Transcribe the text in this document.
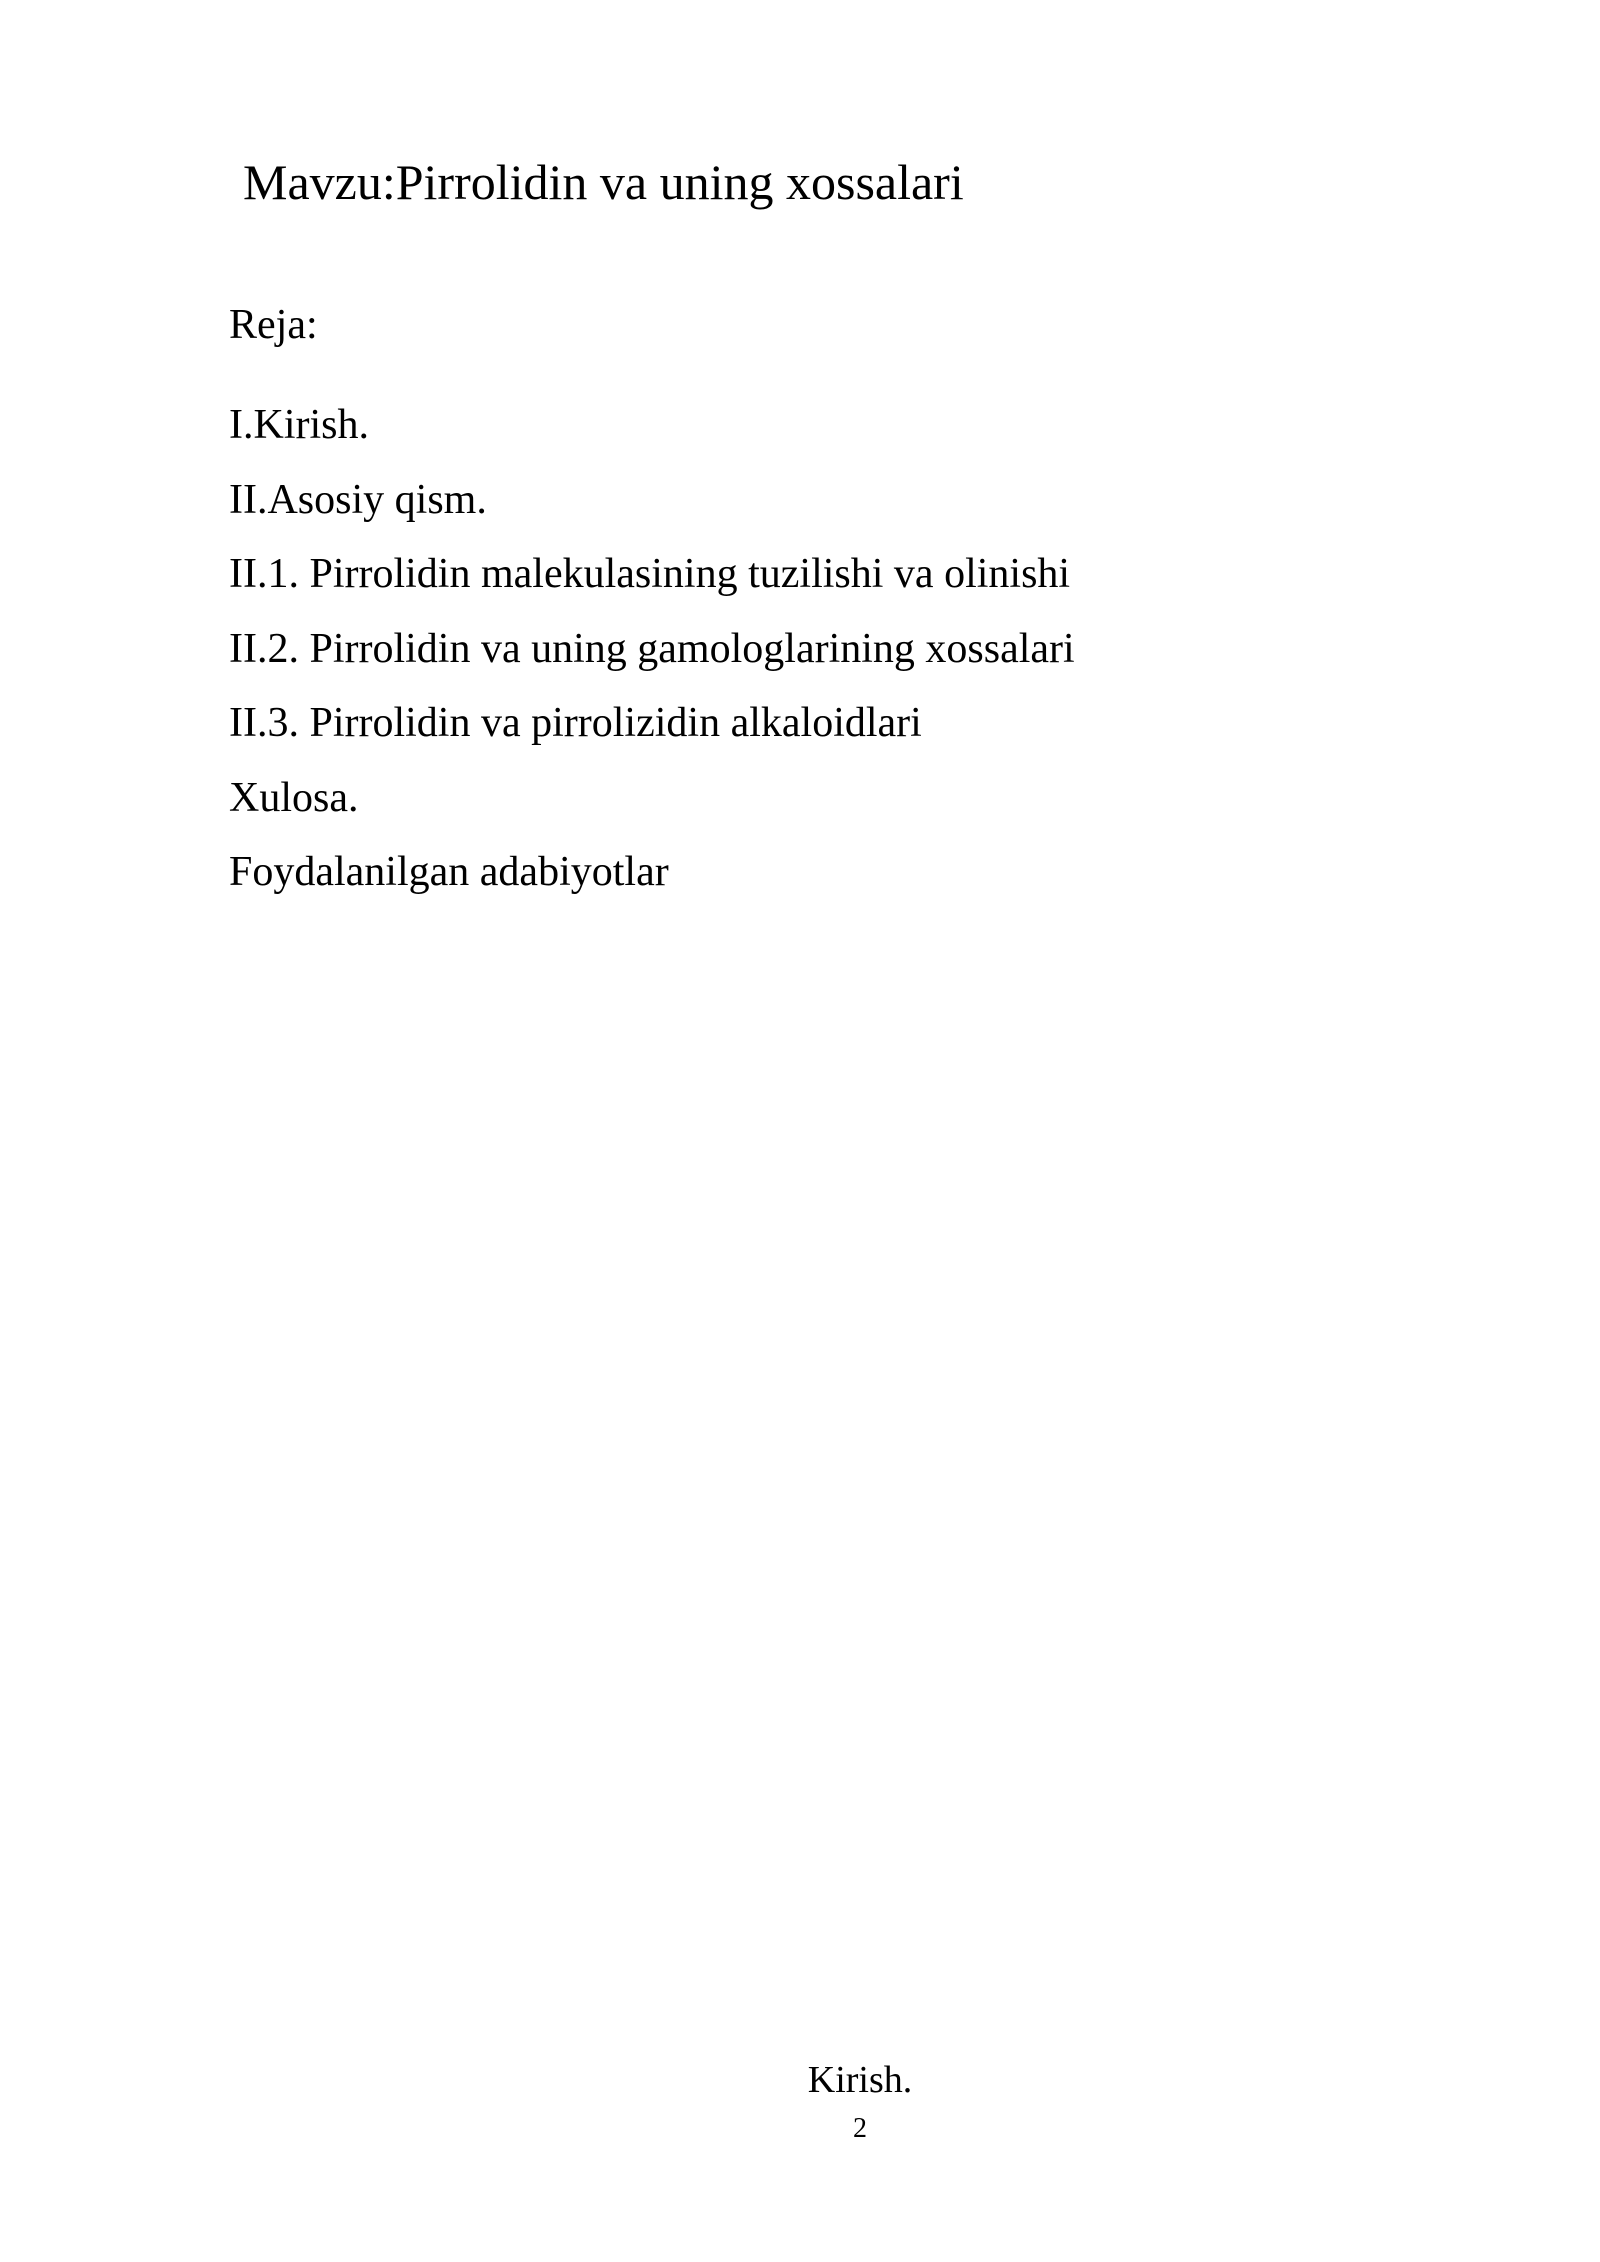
Mavzu:Pirrolidin va uning xossalari
Reja:
I.Kirish.
II.Asosiy qism.
II.1. Pirrolidin malekulasining tuzilishi va olinishi
II.2. Pirrolidin va uning gamologlarining xossalari
II.3. Pirrolidin va pirrolizidin alkaloidlari
Xulosa.
Foydalanilgan adabiyotlar
Kirish.
2
